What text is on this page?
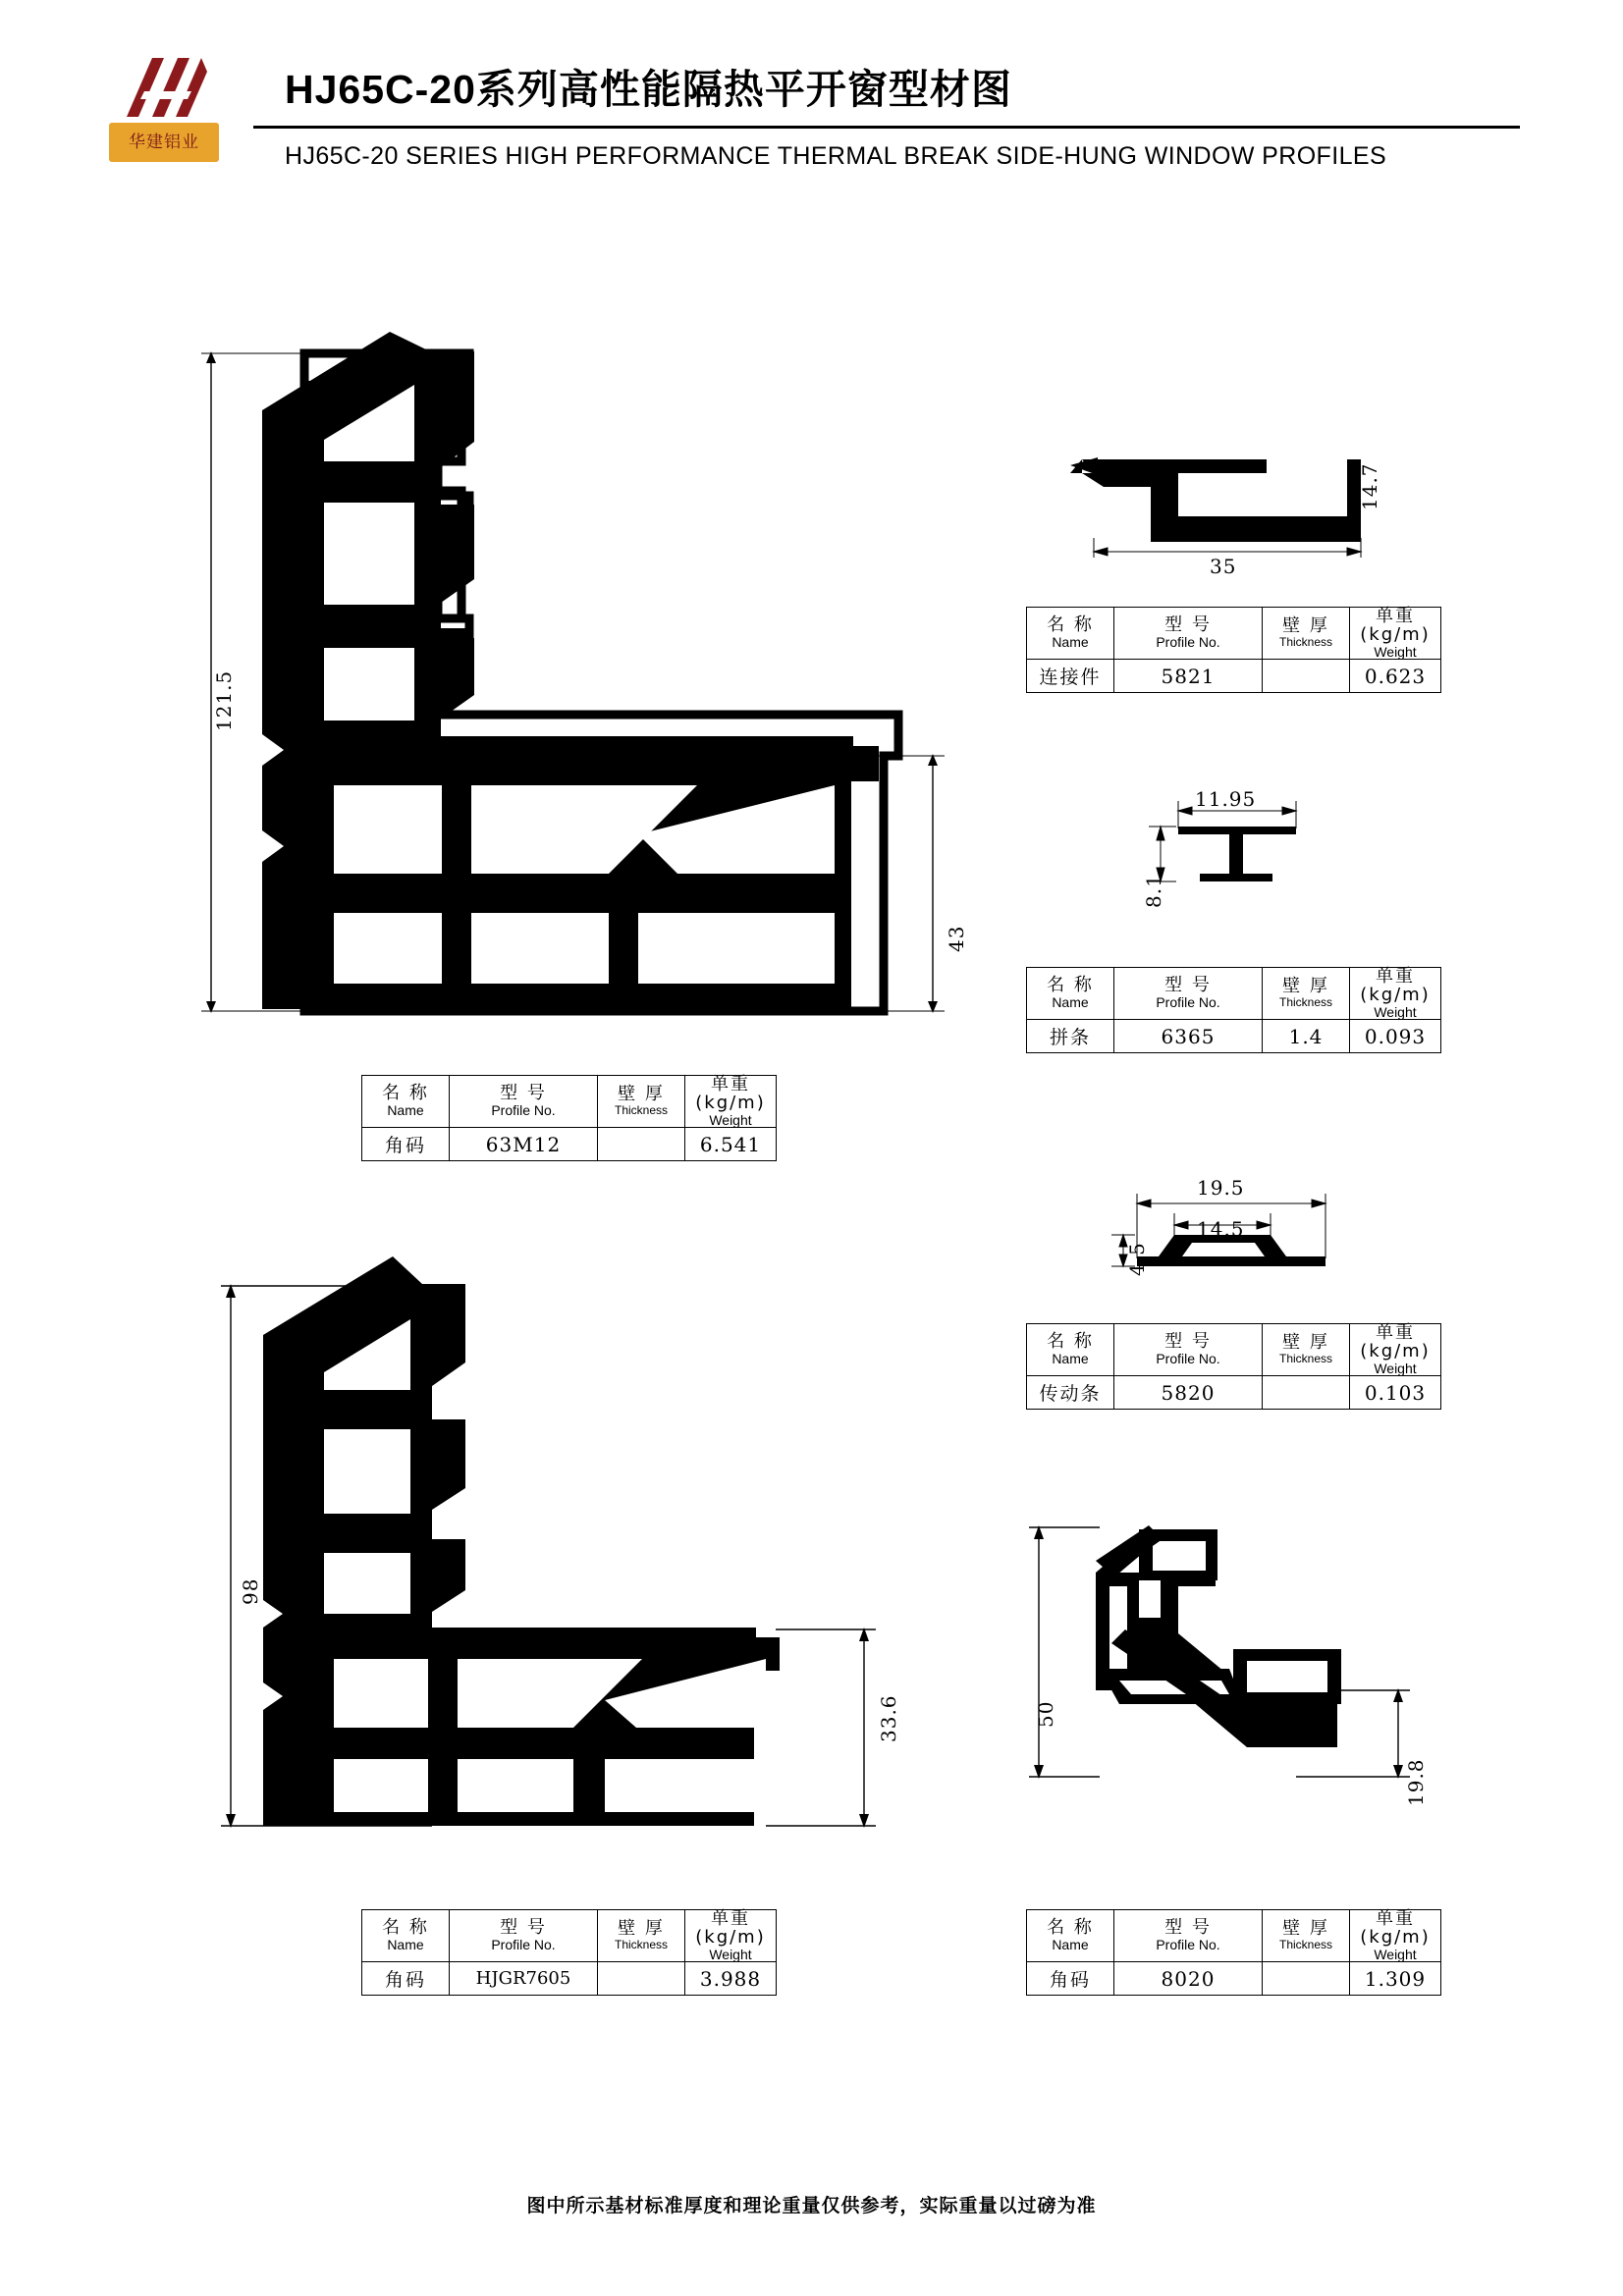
华建铝业
HJ65C-20系列高性能隔热平开窗型材图
HJ65C-20 SERIES HIGH PERFORMANCE THERMAL BREAK SIDE-HUNG WINDOW PROFILES
121.5
43
名 称
Name

型 号
Profile No.

壁 厚
Thickness

单重(kg/m)
Weight

角码	63M12		6.541
14.7
35
名 称
Name

型 号
Profile No.

壁 厚
Thickness

单重(kg/m)
Weight

连接件	5821		0.623
11.95
8.1
名 称
Name

型 号
Profile No.

壁 厚
Thickness

单重(kg/m)
Weight

拼条	6365	1.4	0.093
19.5
14.5
4.5
名 称
Name

型 号
Profile No.

壁 厚
Thickness

单重(kg/m)
Weight

传动条	5820		0.103
98
33.6
名 称
Name

型 号
Profile No.

壁 厚
Thickness

单重(kg/m)
Weight

角码	HJGR7605		3.988
50
19.8
名 称
Name

型 号
Profile No.

壁 厚
Thickness

单重(kg/m)
Weight

角码	8020		1.309
图中所示基材标准厚度和理论重量仅供参考，实际重量以过磅为准
